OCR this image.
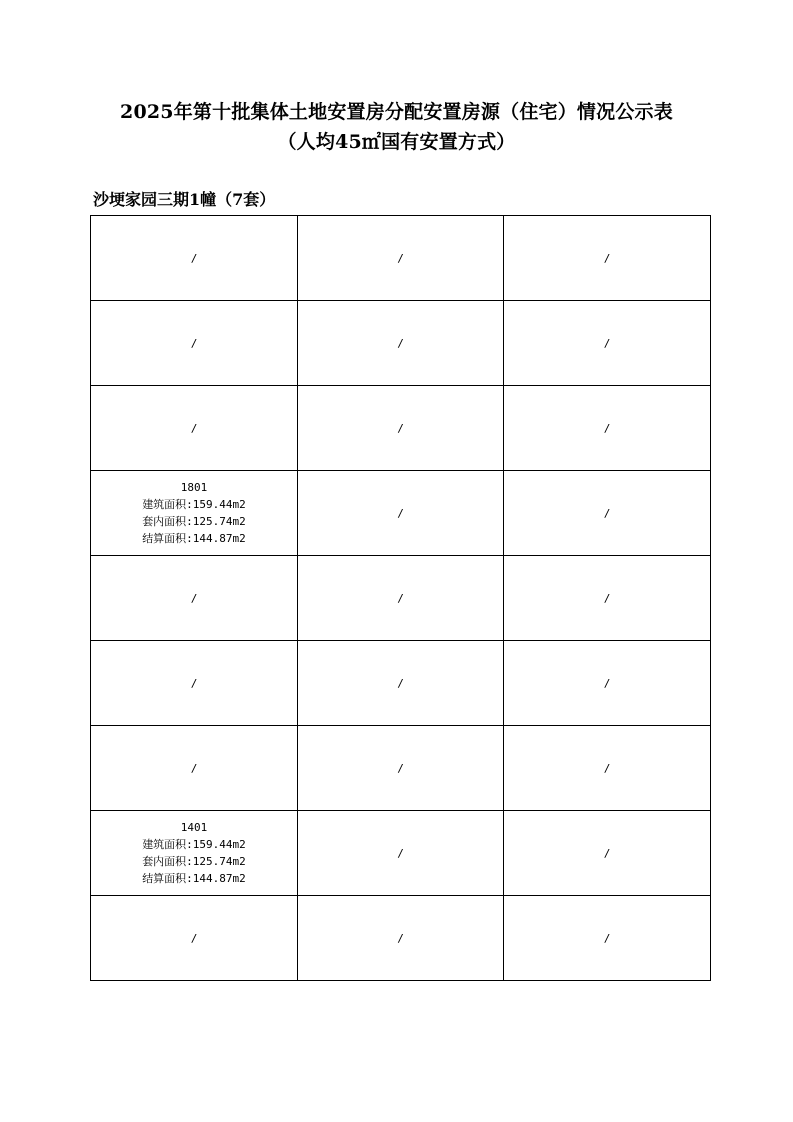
2025年第十批集体土地安置房分配安置房源（住宅）情况公示表
（人均45㎡国有安置方式）
沙埂家园三期1幢（7套）
/	/	/
/	/	/
/	/	/

1801
建筑面积:159.44m2
套内面积:125.74m2
结算面积:144.87m2	/	/
/	/	/
/	/	/
/	/	/

1401
建筑面积:159.44m2
套内面积:125.74m2
结算面积:144.87m2	/	/
/	/	/
